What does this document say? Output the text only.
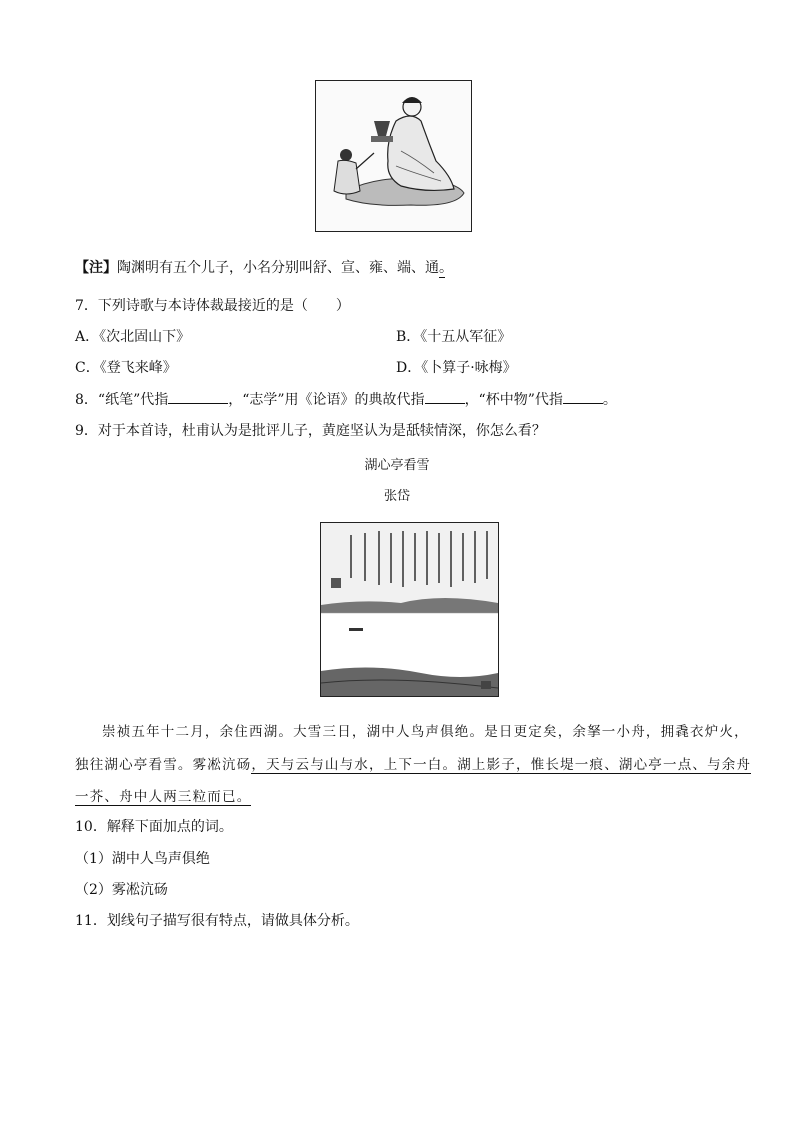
【注】陶渊明有五个儿子，小名分别叫舒、宣、雍、端、通。
7．下列诗歌与本诗体裁最接近的是（　　）
A．《次北固山下》	B．《十五从军征》
C．《登飞来峰》	D．《卜算子·咏梅》
8．“纸笔”代指	，“志学”用《论语》的典故代指	，“杯中物”代指	。
9．对于本首诗，杜甫认为是批评儿子，黄庭坚认为是舐犊情深，你怎么看？
湖心亭看雪
张岱
崇祯五年十二月，余住西湖。大雪三日，湖中人鸟声俱绝。是日更定矣，余拏一小舟，拥毳衣炉火，
独往湖心亭看雪。雾凇沆砀，天与云与山与水，上下一白。湖上影子，惟长堤一痕、湖心亭一点、与余舟
一芥、舟中人两三粒而已。
10．解释下面加点的词。
（1）湖中人鸟声俱绝
（2）雾凇沆砀
11．划线句子描写很有特点，请做具体分析。
